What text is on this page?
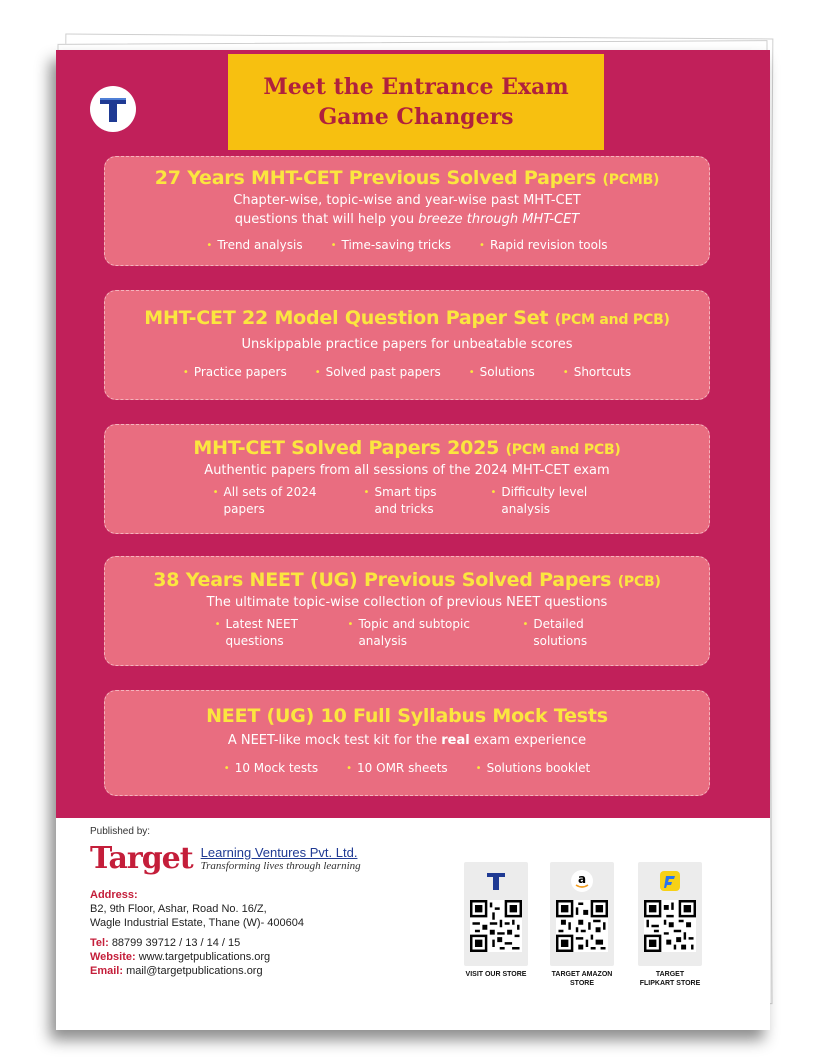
Meet the Entrance Exam
Game Changers
27 Years MHT-CET Previous Solved Papers (PCMB)
Chapter-wise, topic-wise and year-wise past MHT-CET
questions that will help you breeze through MHT-CET
• Trend analysis	• Time-saving tricks	• Rapid revision tools
MHT-CET 22 Model Question Paper Set (PCM and PCB)
Unskippable practice papers for unbeatable scores
• Practice papers	• Solved past papers	• Solutions	• Shortcuts
MHT-CET Solved Papers 2025 (PCM and PCB)
Authentic papers from all sessions of the 2024 MHT-CET exam
• All sets of 2024 papers
• Smart tips and tricks
• Difficulty level analysis
38 Years NEET (UG) Previous Solved Papers (PCB)
The ultimate topic-wise collection of previous NEET questions
• Latest NEET questions
• Topic and subtopic analysis
• Detailed solutions
NEET (UG) 10 Full Syllabus Mock Tests
A NEET-like mock test kit for the real exam experience
• 10 Mock tests	• 10 OMR sheets	• Solutions booklet
Published by:
Target Learning Ventures Pvt. Ltd.
Transforming lives through learning
Address:
B2, 9th Floor, Ashar, Road No. 16/Z,
Wagle Industrial Estate, Thane (W)- 400604
Tel: 88799 39712 / 13 / 14 / 15
Website: www.targetpublications.org
Email: mail@targetpublications.org	VISIT OUR STORE
a
TARGET AMAZON STORE
TARGET FLIPKART STORE
